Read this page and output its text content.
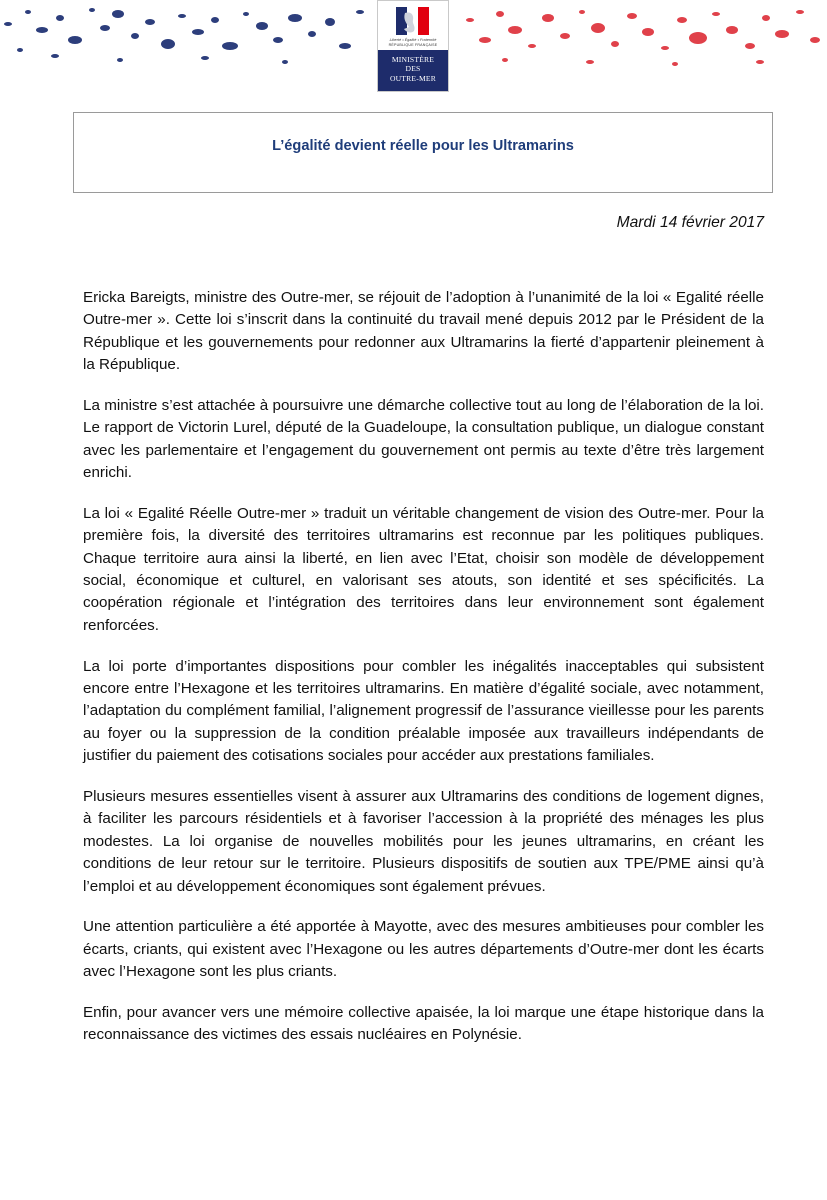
Liberté • Égalité • Fraternité
RÉPUBLIQUE FRANÇAISE
MINISTÈRE
DES
OUTRE-MER
L’égalité devient réelle pour les Ultramarins
Mardi 14 février 2017

Ericka Bareigts, ministre des Outre-mer, se réjouit de l’adoption à l’unanimité de la loi « Egalité réelle Outre-mer ». Cette loi s’inscrit dans la continuité du travail mené depuis 2012 par le Président de la République et les gouvernements pour redonner aux Ultramarins la fierté d’appartenir pleinement à la République.

La ministre s’est attachée à poursuivre une démarche collective tout au long de l’élaboration de la loi. Le rapport de Victorin Lurel, député de la Guadeloupe, la consultation publique, un dialogue constant avec les parlementaire et l’engagement du gouvernement ont permis au texte d’être très largement enrichi.

La loi « Egalité Réelle Outre-mer » traduit un véritable changement de vision des Outre-mer. Pour la première fois, la diversité des territoires ultramarins est reconnue par les politiques publiques. Chaque territoire aura ainsi la liberté, en lien avec l’Etat, choisir son modèle de développement social, économique et culturel, en valorisant ses atouts, son identité et ses spécificités. La coopération régionale et l’intégration des territoires dans leur environnement sont également renforcées.

La loi porte d’importantes dispositions pour combler les inégalités inacceptables qui subsistent encore entre l’Hexagone et les territoires ultramarins. En matière d’égalité sociale, avec notamment, l’adaptation du complément familial, l’alignement progressif de l’assurance vieillesse pour les parents au foyer ou la suppression de la condition préalable imposée aux travailleurs indépendants de justifier du paiement des cotisations sociales pour accéder aux prestations familiales.

Plusieurs mesures essentielles visent à assurer aux Ultramarins des conditions de logement dignes, à faciliter les parcours résidentiels et à favoriser l’accession à la propriété des ménages les plus modestes. La loi organise de nouvelles mobilités pour les jeunes ultramarins, en créant les conditions de leur retour sur le territoire. Plusieurs dispositifs de soutien aux TPE/PME ainsi qu’à l’emploi et au développement économiques sont également prévues.

Une attention particulière a été apportée à Mayotte, avec des mesures ambitieuses pour combler les écarts, criants, qui existent avec l’Hexagone ou les autres départements d’Outre-mer dont les écarts avec l’Hexagone sont les plus criants.

Enfin, pour avancer vers une mémoire collective apaisée, la loi marque une étape historique dans la reconnaissance des victimes des essais nucléaires en Polynésie.
